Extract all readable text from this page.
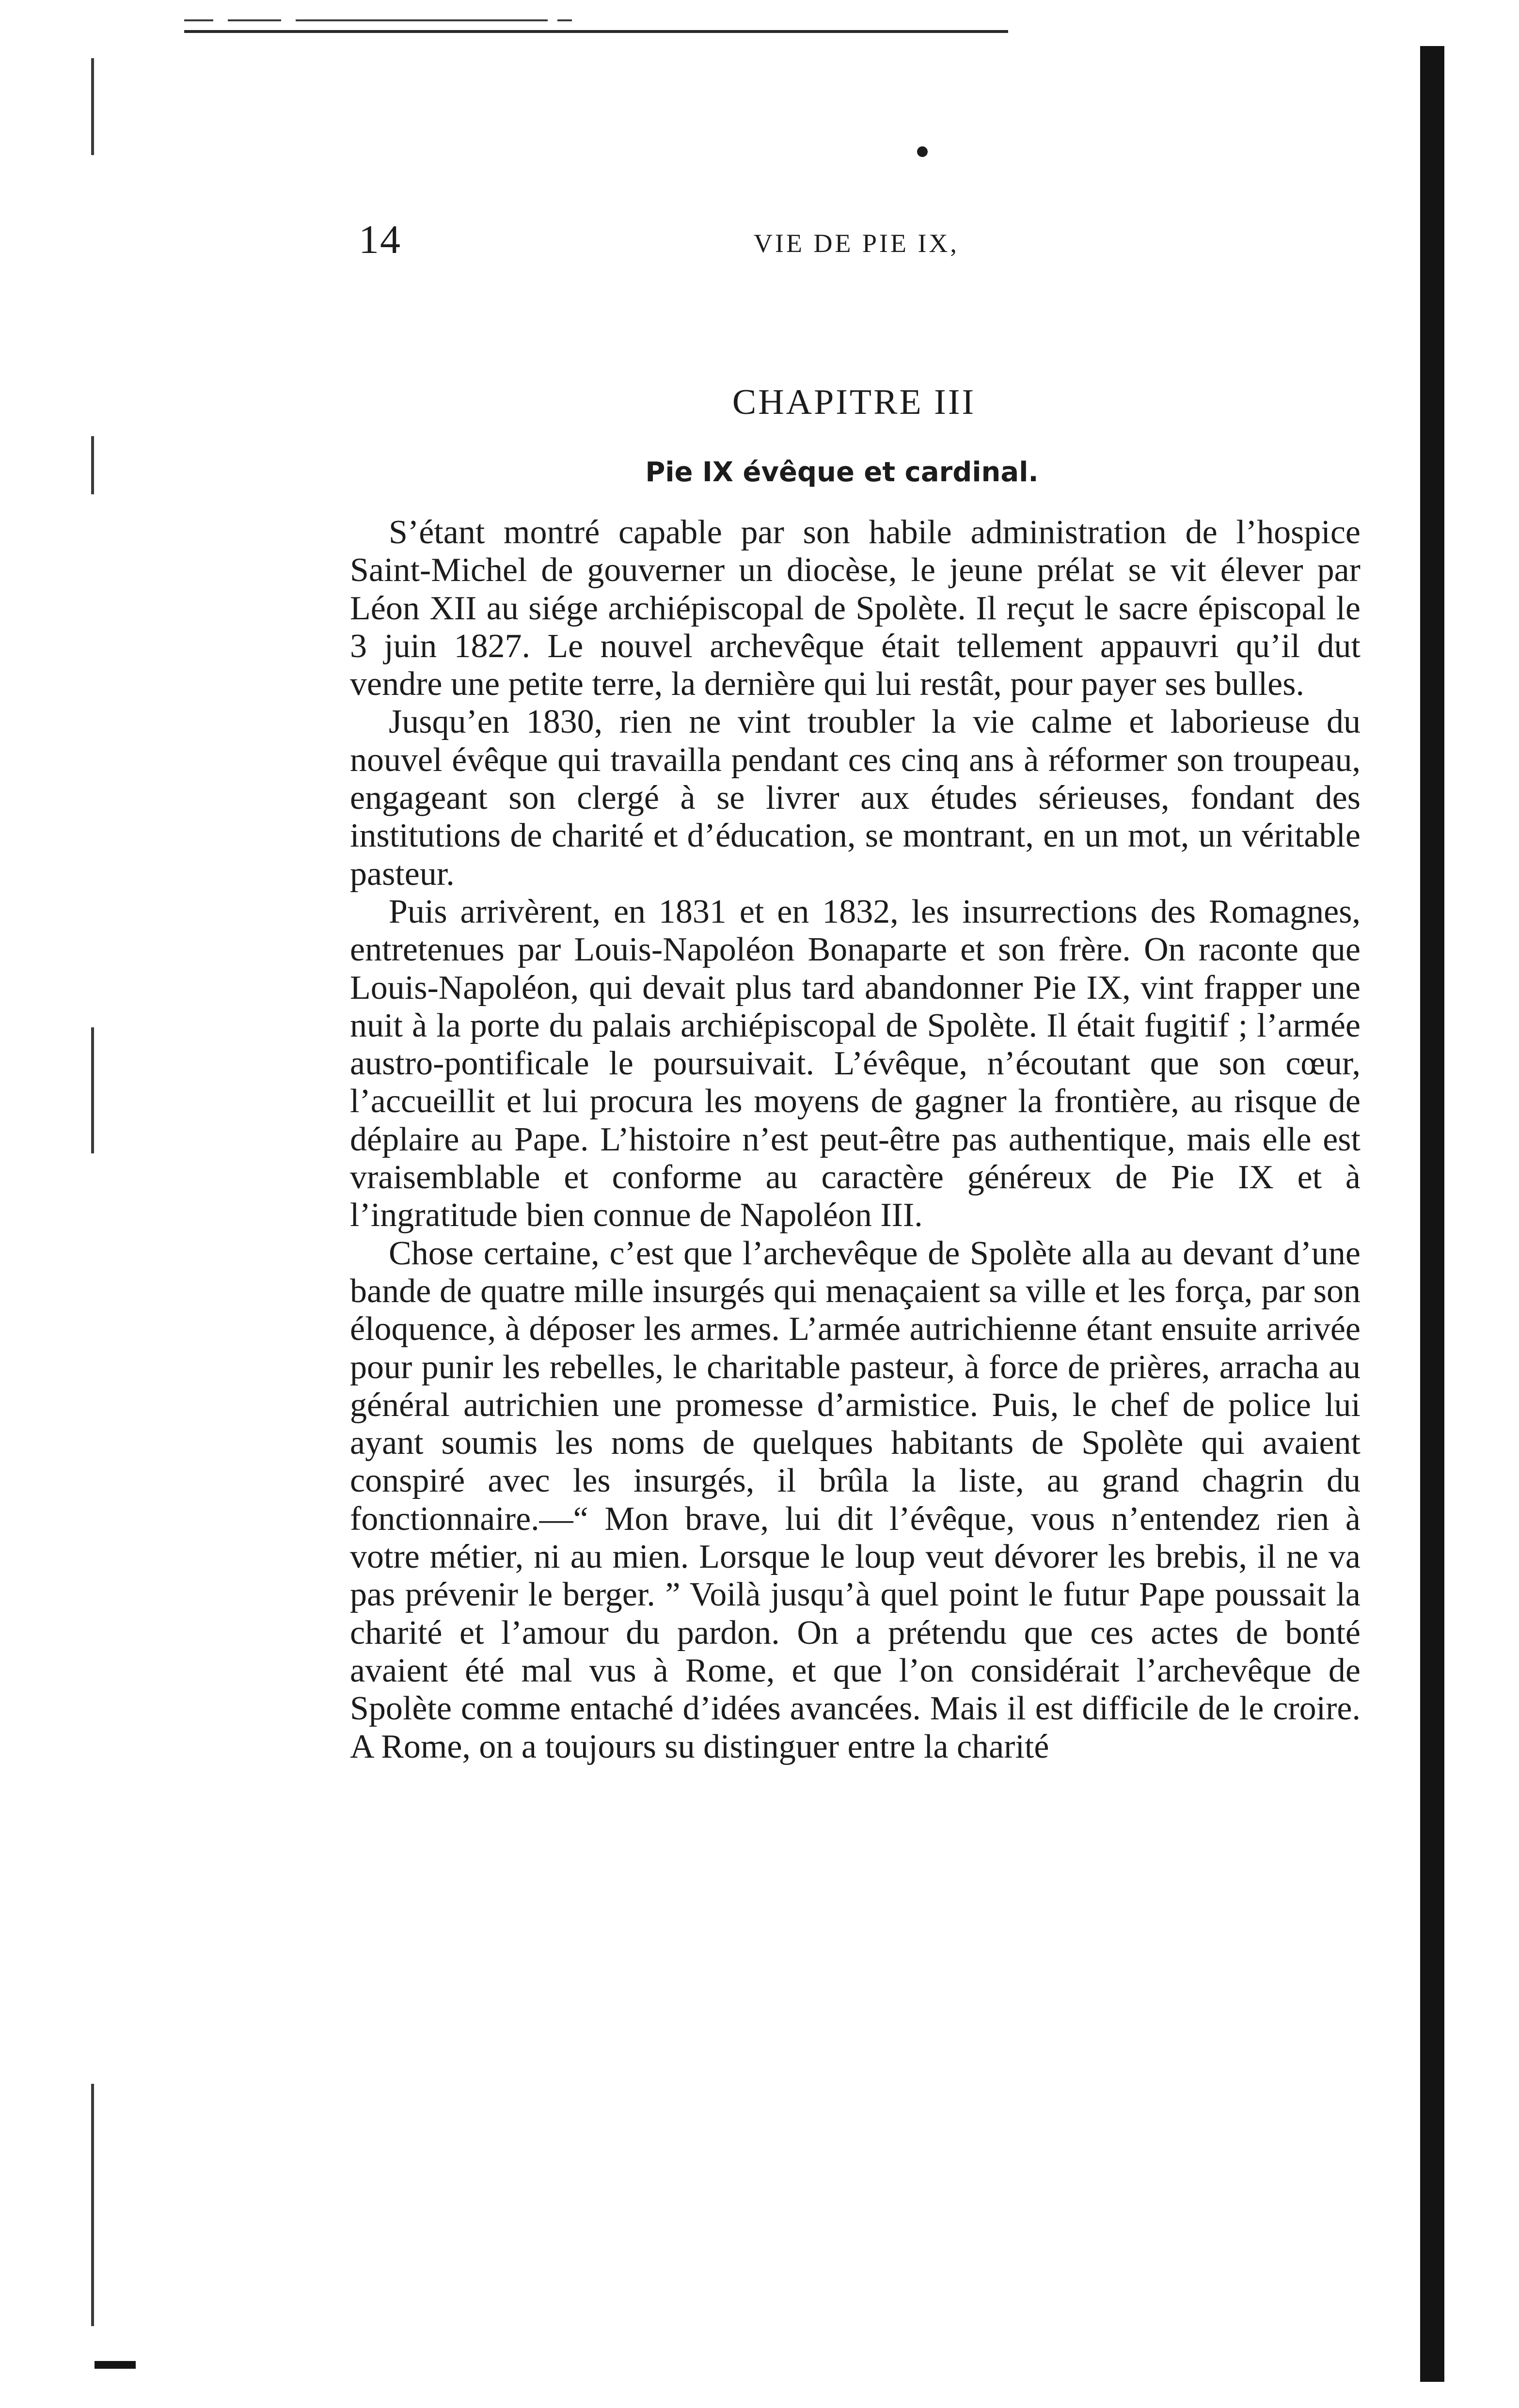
14	VIE DE PIE IX,
CHAPITRE III
Pie IX évêque et cardinal.

S’étant montré capable par son habile administration de l’hospice Saint-Michel de gouverner un diocèse, le jeune prélat se vit élever par Léon XII au siége archiépiscopal de Spolète. Il reçut le sacre épiscopal le 3 juin 1827. Le nouvel archevêque était tellement appauvri qu’il dut vendre une petite terre, la dernière qui lui restât, pour payer ses bulles.

Jusqu’en 1830, rien ne vint troubler la vie calme et laborieuse du nouvel évêque qui travailla pendant ces cinq ans à réformer son troupeau, engageant son clergé à se livrer aux études sérieuses, fondant des institutions de charité et d’éducation, se montrant, en un mot, un véritable pasteur.

Puis arrivèrent, en 1831 et en 1832, les insurrections des Romagnes, entretenues par Louis-Napoléon Bonaparte et son frère. On raconte que Louis-Napoléon, qui devait plus tard abandonner Pie IX, vint frapper une nuit à la porte du palais archiépiscopal de Spolète. Il était fugitif ; l’armée austro-pontificale le poursuivait. L’évêque, n’écoutant que son cœur, l’accueillit et lui procura les moyens de gagner la frontière, au risque de déplaire au Pape. L’histoire n’est peut-être pas authentique, mais elle est vraisemblable et conforme au caractère généreux de Pie IX et à l’ingratitude bien connue de Napoléon III.

Chose certaine, c’est que l’archevêque de Spolète alla au devant d’une bande de quatre mille insurgés qui menaçaient sa ville et les força, par son éloquence, à déposer les armes. L’armée autrichienne étant ensuite arrivée pour punir les rebelles, le charitable pasteur, à force de prières, arracha au général autrichien une promesse d’armistice. Puis, le chef de police lui ayant soumis les noms de quelques habitants de Spolète qui avaient conspiré avec les insurgés, il brûla la liste, au grand chagrin du fonctionnaire.—“ Mon brave, lui dit l’évêque, vous n’entendez rien à votre métier, ni au mien. Lorsque le loup veut dévorer les brebis, il ne va pas prévenir le berger. ” Voilà jusqu’à quel point le futur Pape poussait la charité et l’amour du pardon. On a prétendu que ces actes de bonté avaient été mal vus à Rome, et que l’on considérait l’archevêque de Spolète comme entaché d’idées avancées. Mais il est difficile de le croire. A Rome, on a toujours su distinguer entre la charité
